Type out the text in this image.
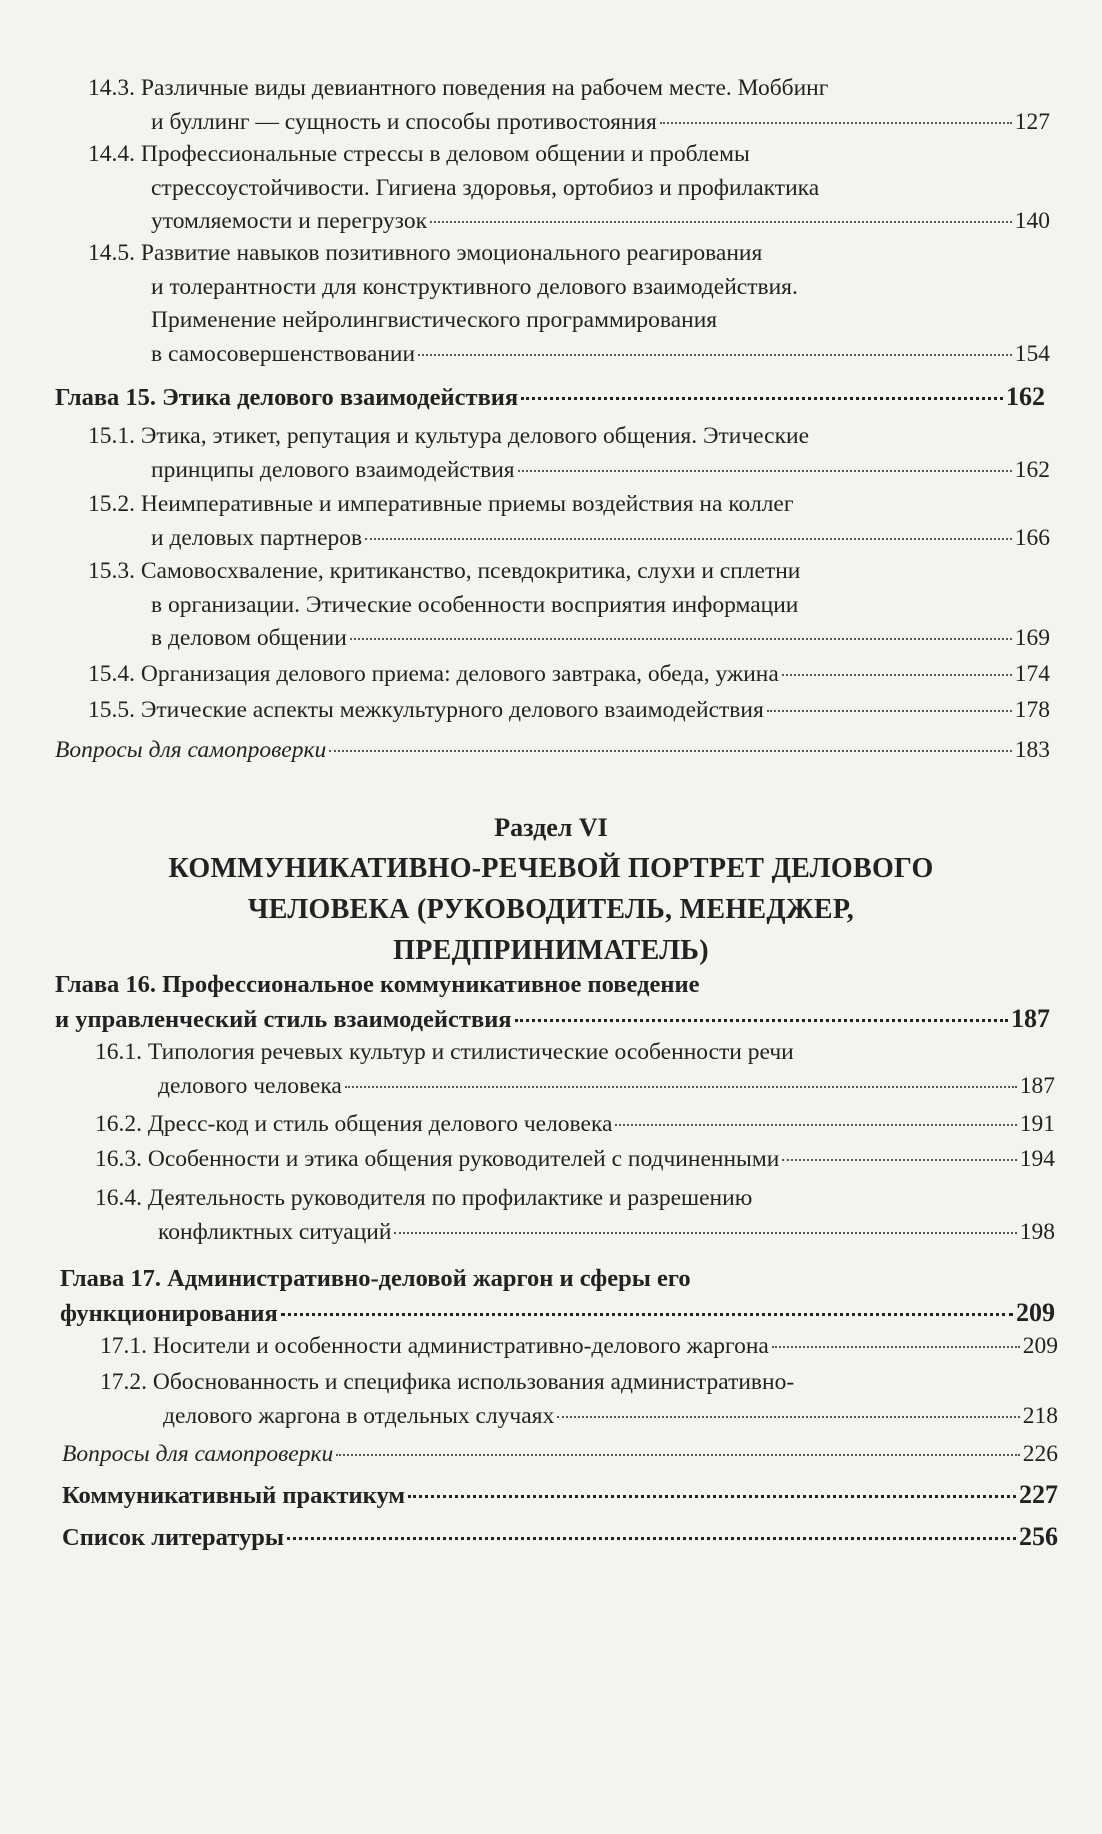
14.3. Различные виды девиантного поведения на рабочем месте. Моббинг
и буллинг — сущность и способы противостояния	127
14.4. Профессиональные стрессы в деловом общении и проблемы
стрессоустойчивости. Гигиена здоровья, ортобиоз и профилактика
утомляемости и перегрузок	140
14.5. Развитие навыков позитивного эмоционального реагирования
и толерантности для конструктивного делового взаимодействия.
Применение нейролингвистического программирования
в самосовершенствовании	154
Глава 15. Этика делового взаимодействия	162
15.1. Этика, этикет, репутация и культура делового общения. Этические
принципы делового взаимодействия	162
15.2. Неимперативные и императивные приемы воздействия на коллег
и деловых партнеров	166
15.3. Самовосхваление, критиканство, псевдокритика, слухи и сплетни
в организации. Этические особенности восприятия информации
в деловом общении	169
15.4. Организация делового приема: делового завтрака, обеда, ужина	174
15.5. Этические аспекты межкультурного делового взаимодействия	178
Вопросы для самопроверки	183
Раздел VI
КОММУНИКАТИВНО-РЕЧЕВОЙ ПОРТРЕТ ДЕЛОВОГО
ЧЕЛОВЕКА (РУКОВОДИТЕЛЬ, МЕНЕДЖЕР,
ПРЕДПРИНИМАТЕЛЬ)
Глава 16. Профессиональное коммуникативное поведение
и управленческий стиль взаимодействия	187
16.1. Типология речевых культур и стилистические особенности речи
делового человека	187
16.2. Дресс-код и стиль общения делового человека	191
16.3. Особенности и этика общения руководителей с подчиненными	194
16.4. Деятельность руководителя по профилактике и разрешению
конфликтных ситуаций	198
Глава 17. Административно-деловой жаргон и сферы его
функционирования	209
17.1. Носители и особенности административно-делового жаргона	209
17.2. Обоснованность и специфика использования административно-
делового жаргона в отдельных случаях	218
Вопросы для самопроверки	226
Коммуникативный практикум	227
Список литературы	256
